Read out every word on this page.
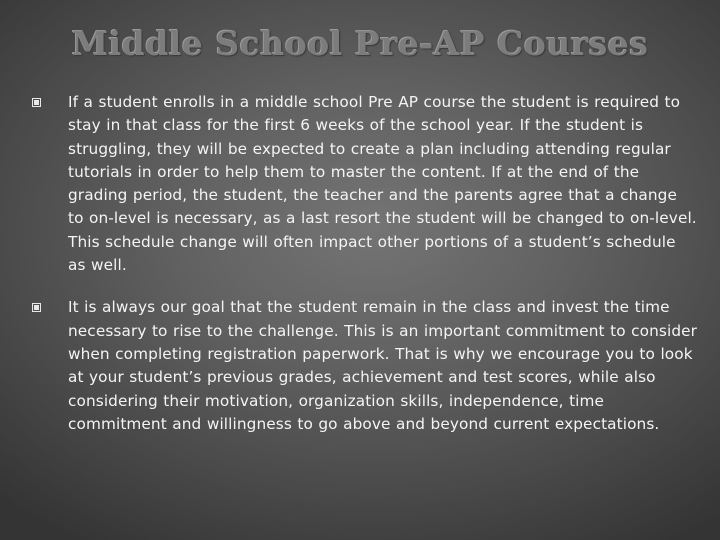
Middle School Pre-AP Courses

If a student enrolls in a middle school Pre AP course the student is required to stay in that class for the first 6 weeks of the school year. If the student is struggling, they will be expected to create a plan including attending regular tutorials in order to help them to master the content. If at the end of the grading period, the student, the teacher and the parents agree that a change to on-level is necessary, as a last resort the student will be changed to on-level. This schedule change will often impact other portions of a student’s schedule as well.

It is always our goal that the student remain in the class and invest the time necessary to rise to the challenge. This is an important commitment to consider when completing registration paperwork. That is why we encourage you to look at your student’s previous grades, achievement and test scores, while also considering their motivation, organization skills, independence, time commitment and willingness to go above and beyond current expectations.
